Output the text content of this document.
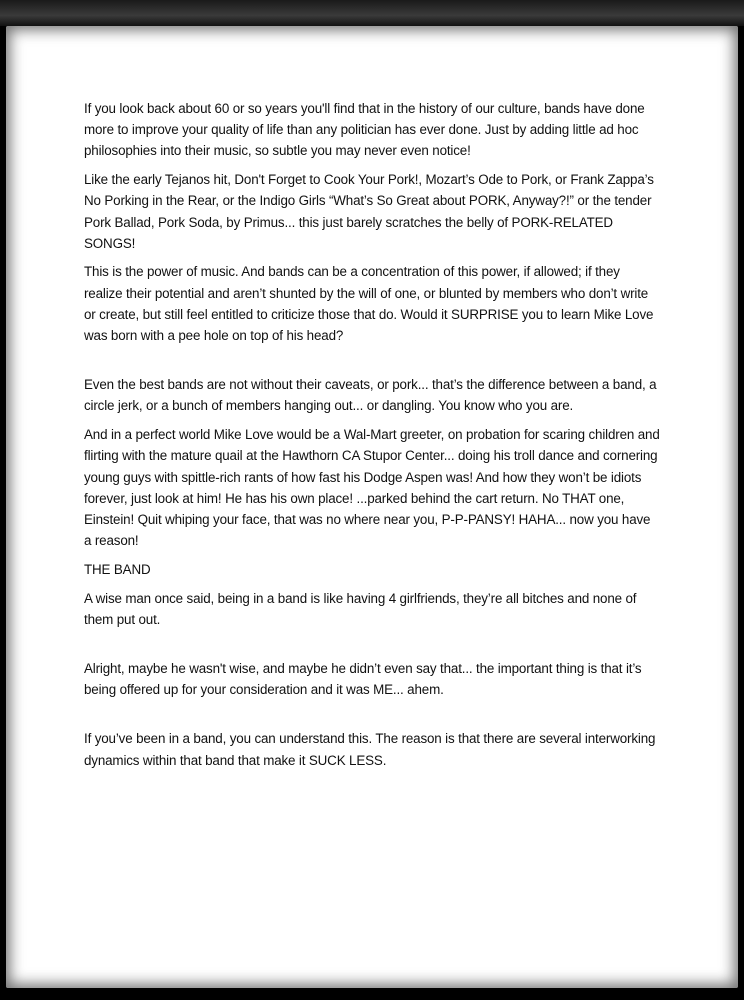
If you look back about 60 or so years you'll find that in the history of our culture, bands have done more to improve your quality of life than any politician has ever done. Just by adding little ad hoc philosophies into their music, so subtle you may never even notice!

Like the early Tejanos hit, Don't Forget to Cook Your Pork!, Mozart’s Ode to Pork, or Frank Zappa’s No Porking in the Rear, or the Indigo Girls “What’s So Great about PORK, Anyway?!” or the tender Pork Ballad, Pork Soda, by Primus... this just barely scratches the belly of PORK-RELATED SONGS!

This is the power of music. And bands can be a concentration of this power, if allowed; if they realize their potential and aren’t shunted by the will of one, or blunted by members who don’t write or create, but still feel entitled to criticize those that do. Would it SURPRISE you to learn Mike Love was born with a pee hole on top of his head?

Even the best bands are not without their caveats, or pork... that’s the difference between a band, a circle jerk, or a bunch of members hanging out... or dangling. You know who you are.

And in a perfect world Mike Love would be a Wal-Mart greeter, on probation for scaring children and flirting with the mature quail at the Hawthorn CA Stupor Center... doing his troll dance and cornering young guys with spittle-rich rants of how fast his Dodge Aspen was! And how they won’t be idiots forever, just look at him! He has his own place! ...parked behind the cart return. No THAT one, Einstein! Quit whiping your face, that was no where near you, P-P-PANSY! HAHA... now you have a reason!

THE BAND

A wise man once said, being in a band is like having 4 girlfriends, they’re all bitches and none of them put out.

Alright, maybe he wasn't wise, and maybe he didn’t even say that... the important thing is that it’s being offered up for your consideration and it was ME... ahem.

If you’ve been in a band, you can understand this. The reason is that there are several interworking dynamics within that band that make it SUCK LESS.
